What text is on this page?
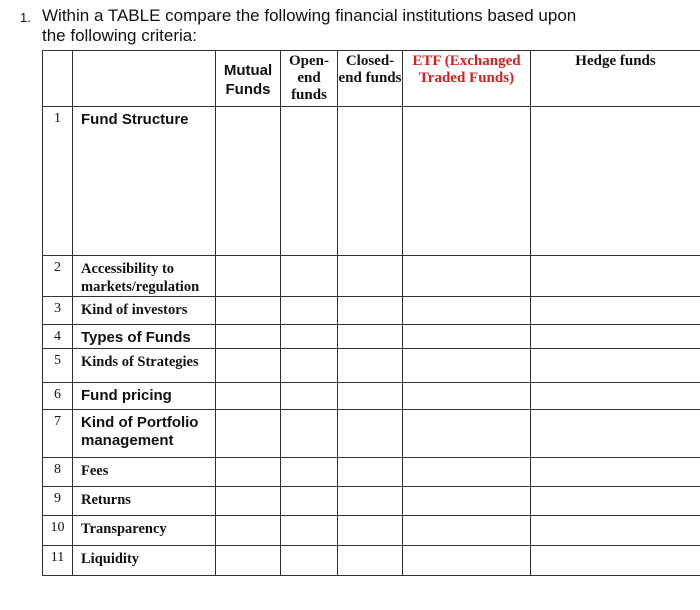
1. Within a TABLE compare the following financial institutions based upon
the following criteria:
		Mutual Funds	Open-end funds	Closed-end funds	ETF (Exchanged Traded Funds)	Hedge funds
1	Fund Structure					
2	Accessibility to markets/regulation					
3	Kind of investors					
4	Types of Funds					
5	Kinds of Strategies					
6	Fund pricing					
7	Kind of Portfolio management					
8	Fees					
9	Returns					
10	Transparency					
11	Liquidity					
